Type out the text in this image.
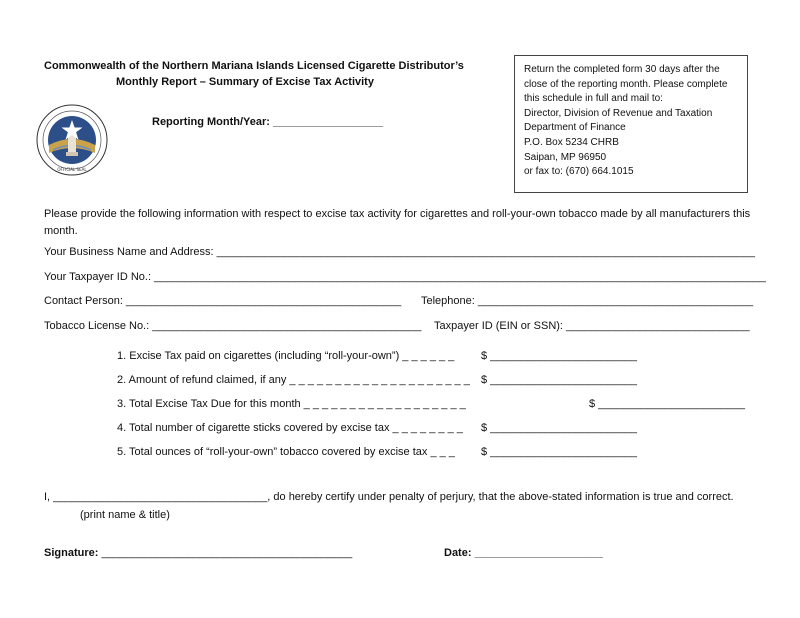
Commonwealth of the Northern Mariana Islands Licensed Cigarette Distributor’s
Monthly Report – Summary of Excise Tax Activity
Reporting Month/Year: __________________
OFFICIAL SEAL
Return the completed form 30 days after the
close of the reporting month. Please complete
this schedule in full and mail to:
Director, Division of Revenue and Taxation
Department of Finance
P.O. Box 5234 CHRB
Saipan, MP 96950
or fax to: (670) 664.1015
Please provide the following information with respect to excise tax activity for cigarettes and roll-your-own tobacco made by all manufacturers this month.
Your Business Name and Address: ________________________________________________________________________________________
Your Taxpayer ID No.: ____________________________________________________________________________________________________
Contact Person: _____________________________________________ Telephone: _____________________________________________
Tobacco License No.: ____________________________________________ Taxpayer ID (EIN or SSN): ______________________________
1. Excise Tax paid on cigarettes (including “roll-your-own”) _ _ _ _ _ _ $ ________________________
2. Amount of refund claimed, if any _ _ _ _ _ _ _ _ _ _ _ _ _ _ _ _ _ _ _ _ $ ________________________
3. Total Excise Tax Due for this month _ _ _ _ _ _ _ _ _ _ _ _ _ _ _ _ _ _	$ ________________________
4. Total number of cigarette sticks covered by excise tax _ _ _ _ _ _ _ _ $ ________________________
5. Total ounces of “roll-your-own” tobacco covered by excise tax _ _ _ $ ________________________
I, ___________________________________, do hereby certify under penalty of perjury, that the above-stated information is true and correct.
(print name & title)
Signature: _________________________________________	Date: _____________________
